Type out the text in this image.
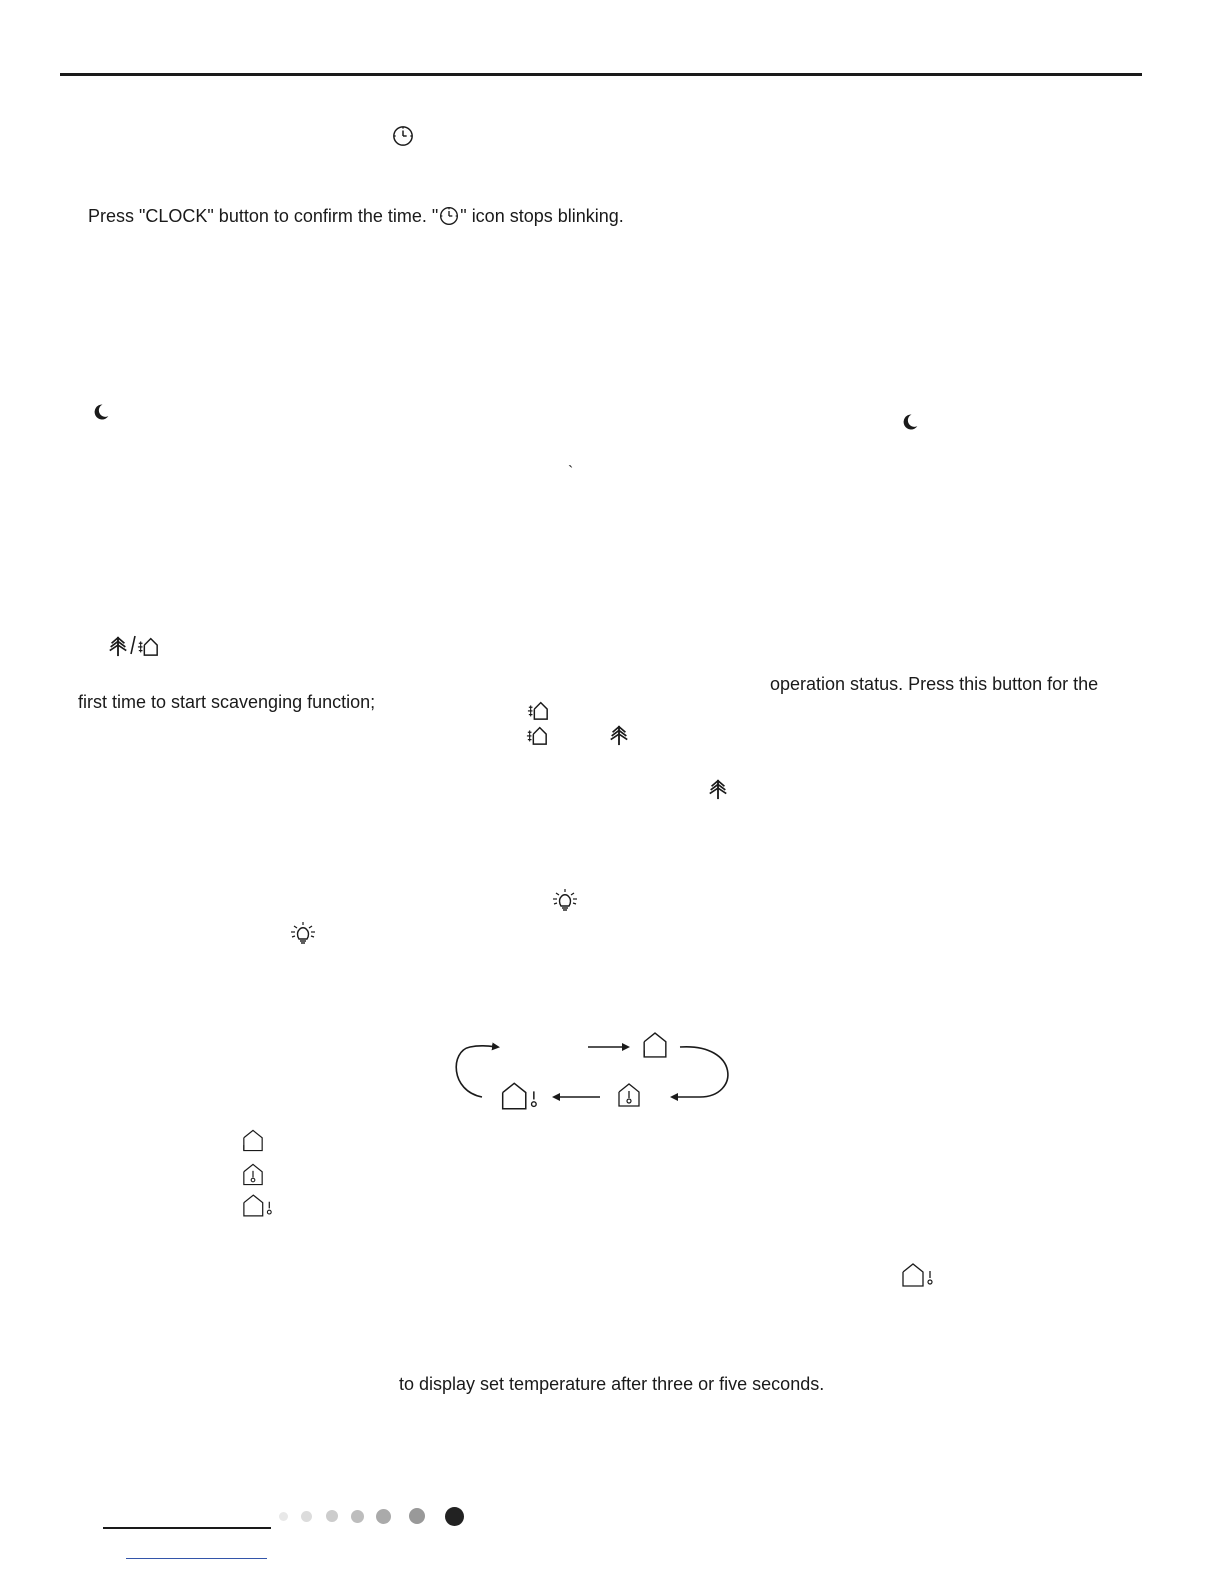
Press "CLOCK" button to confirm the time. " " icon stops blinking.
`
operation status. Press this button for the
first time to start scavenging function;
to display set temperature after three or five seconds.
